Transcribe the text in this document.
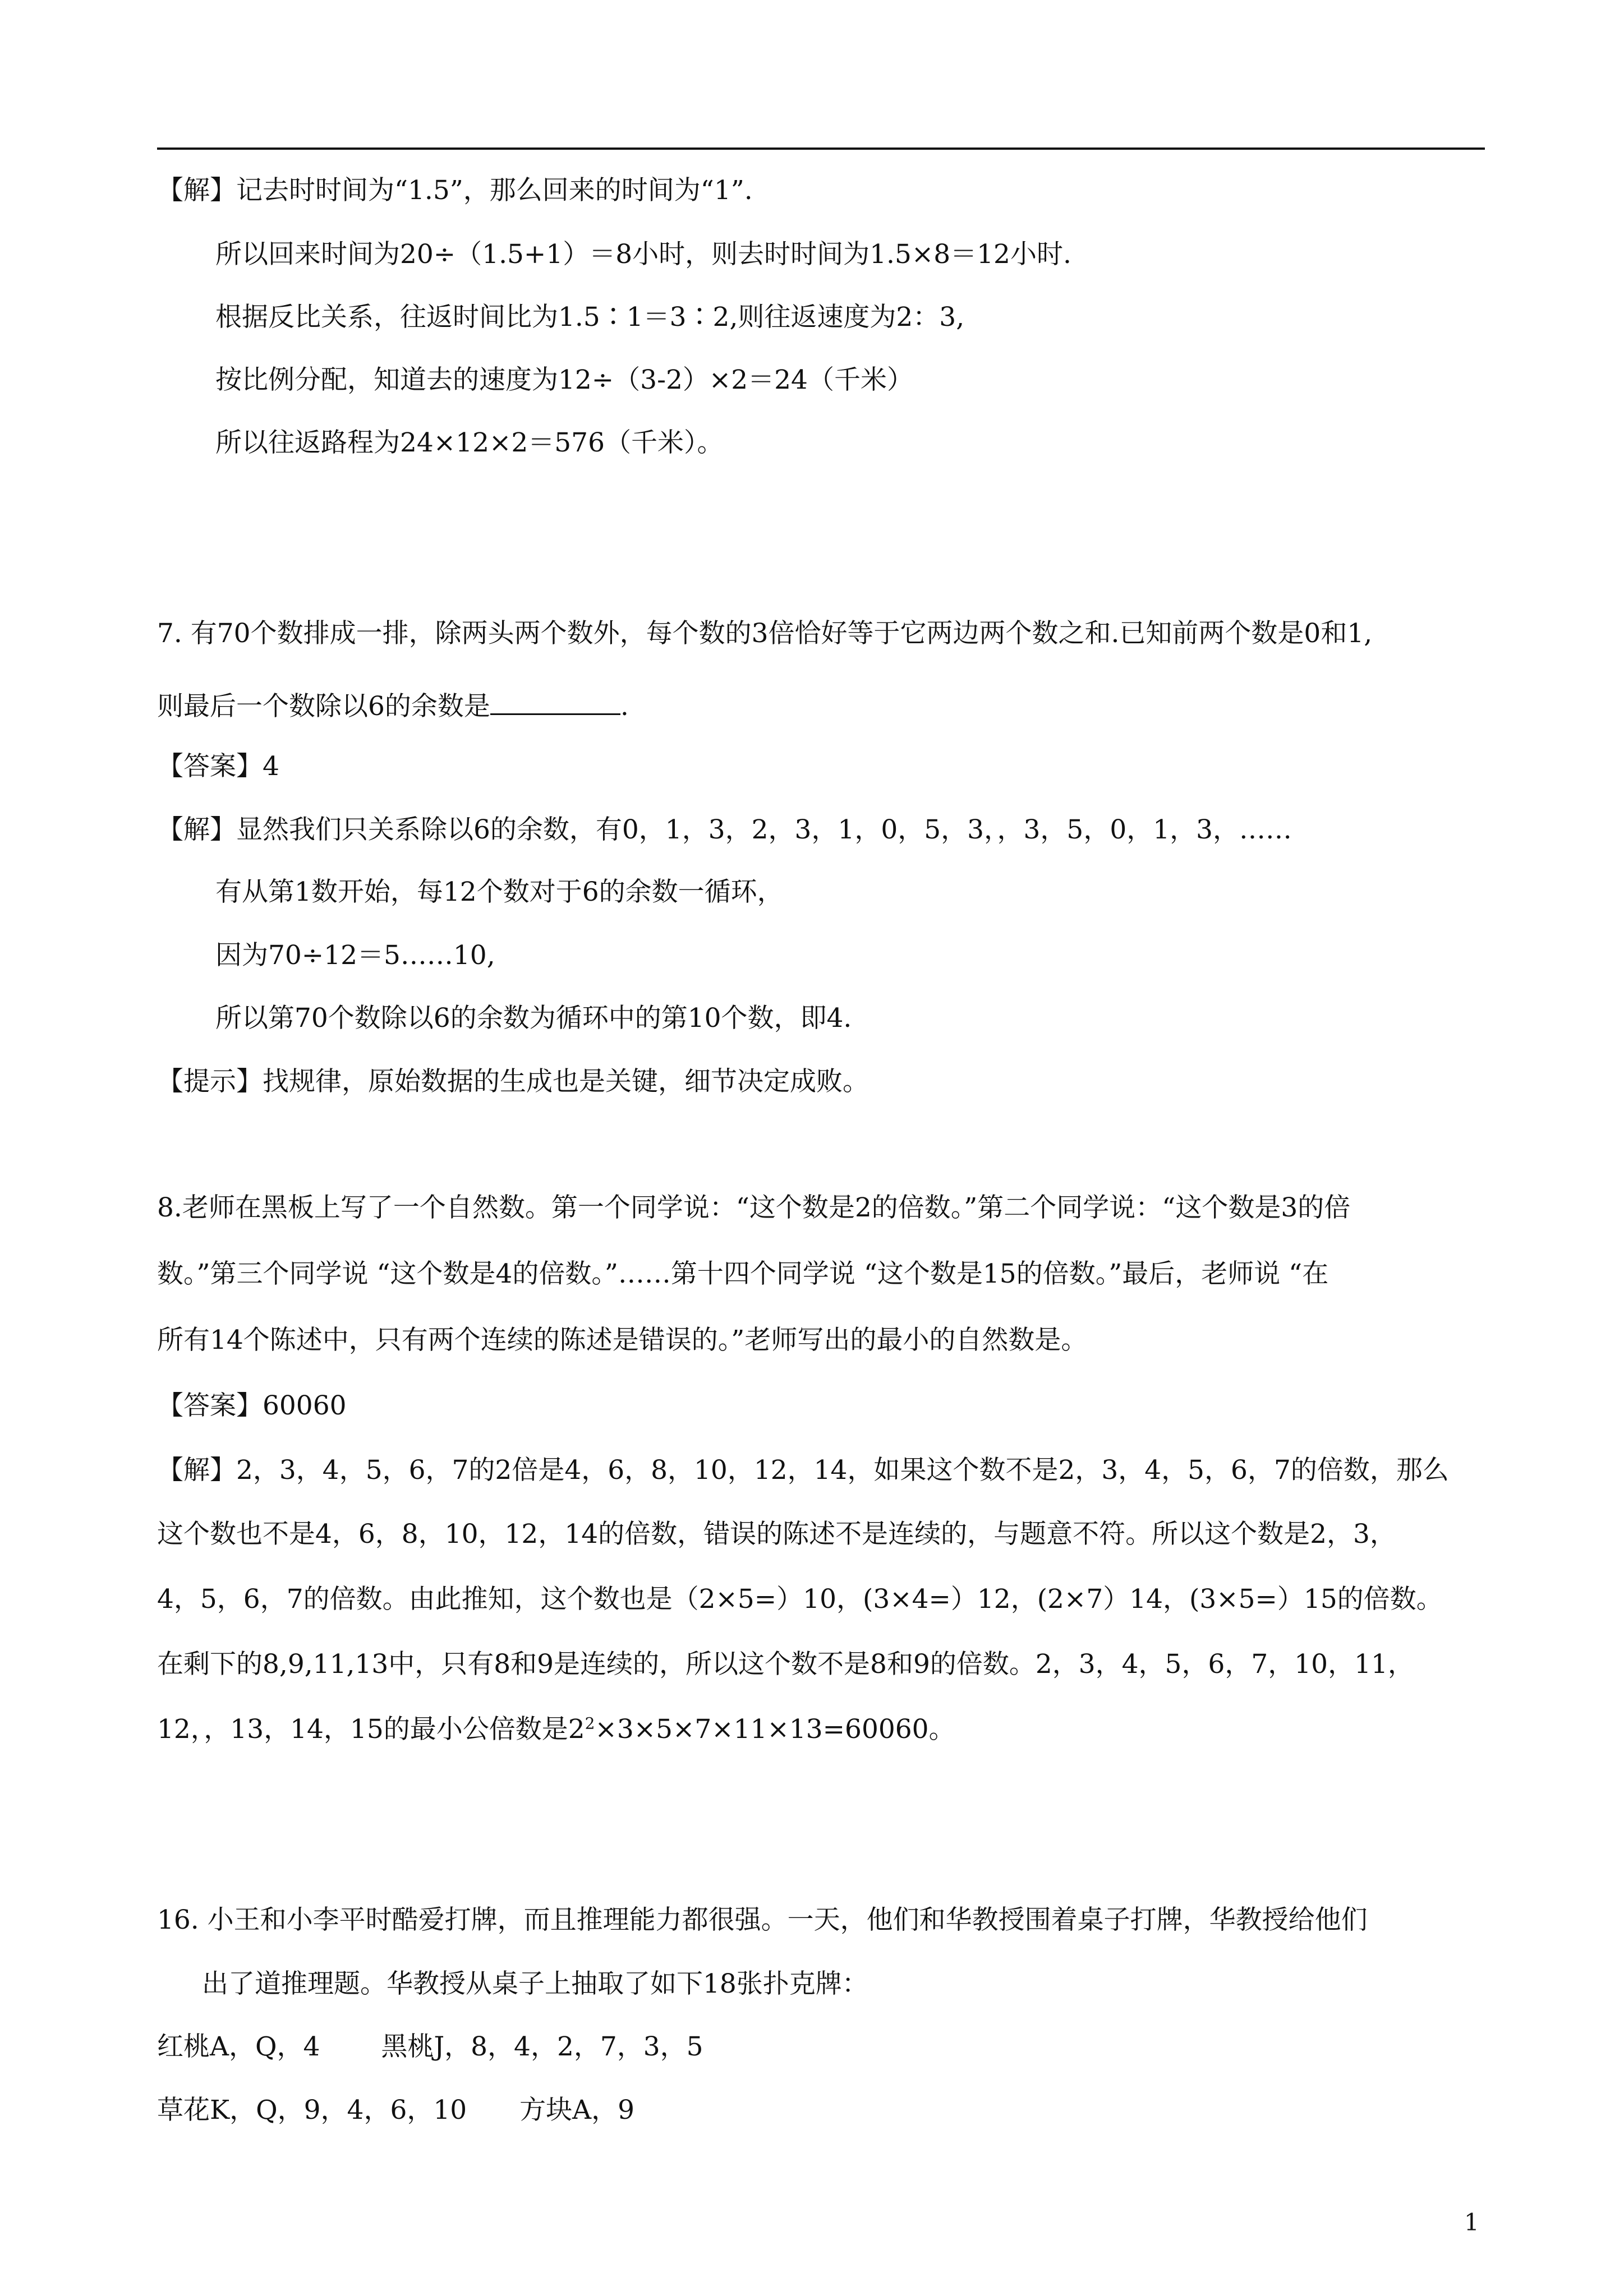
【解】记去时时间为“1.5”，那么回来的时间为“1”.
所以回来时间为20÷（1.5+1）＝8小时，则去时时间为1.5×8＝12小时.
根据反比关系，往返时间比为1.5∶1＝3∶2,则往返速度为2：3,
按比例分配，知道去的速度为12÷（3-2）×2＝24（千米）
所以往返路程为24×12×2＝576（千米）。
7. 有70个数排成一排，除两头两个数外，每个数的3倍恰好等于它两边两个数之和.已知前两个数是0和1,
则最后一个数除以6的余数是	.
【答案】4
【解】显然我们只关系除以6的余数，有0，1，3，2，3，1，0，5，3，，3，5，0，1，3，……
有从第1数开始，每12个数对于6的余数一循环，
因为70÷12＝5……10,
所以第70个数除以6的余数为循环中的第10个数，即4.
【提示】找规律，原始数据的生成也是关键，细节决定成败。
8.老师在黑板上写了一个自然数。第一个同学说：“这个数是2的倍数。”第二个同学说：“这个数是3的倍
数。”第三个同学说 “这个数是4的倍数。”……第十四个同学说 “这个数是15的倍数。”最后，老师说 “在
所有14个陈述中，只有两个连续的陈述是错误的。”老师写出的最小的自然数是。
【答案】60060
【解】2，3，4，5，6，7的2倍是4，6，8，10，12，14，如果这个数不是2，3，4，5，6，7的倍数，那么
这个数也不是4，6，8，10，12，14的倍数，错误的陈述不是连续的，与题意不符。所以这个数是2，3，
4，5，6，7的倍数。由此推知，这个数也是（2×5=）10，(3×4=）12，(2×7）14，(3×5=）15的倍数。
在剩下的8,9,11,13中，只有8和9是连续的，所以这个数不是8和9的倍数。2，3，4，5，6，7，10，11，
12，，13，14，15的最小公倍数是$2^2\times 3\times 5\times 7\times 11\times 13=60060$。
16. 小王和小李平时酷爱打牌，而且推理能力都很强。一天，他们和华教授围着桌子打牌，华教授给他们
出了道推理题。华教授从桌子上抽取了如下18张扑克牌：
红桃A，Q，4　　 黑桃J，8，4，2，7，3，5
草花K，Q，9，4，6，10　　方块A，9
1
